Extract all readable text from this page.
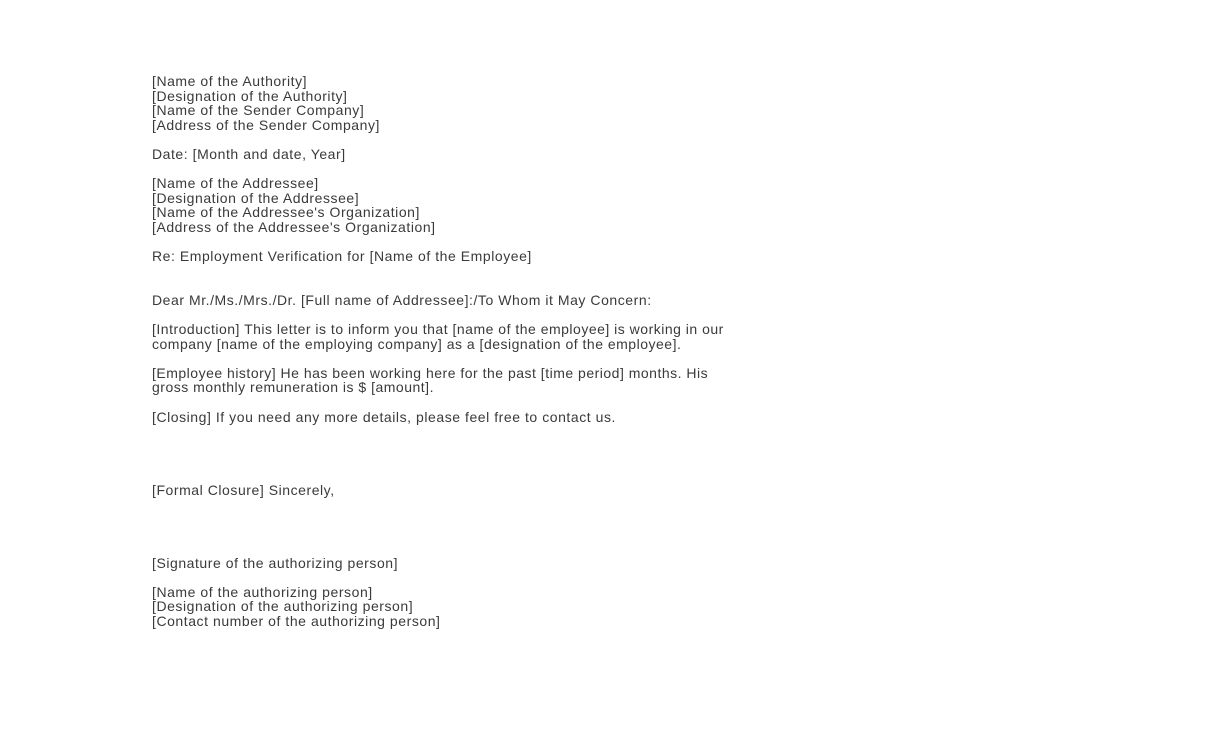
[Name of the Authority]

[Designation of the Authority]

[Name of the Sender Company]

[Address of the Sender Company]

Date: [Month and date, Year]

[Name of the Addressee]

[Designation of the Addressee]

[Name of the Addressee's Organization]

[Address of the Addressee's Organization]

Re: Employment Verification for [Name of the Employee]

Dear Mr./Ms./Mrs./Dr. [Full name of Addressee]:/To Whom it May Concern:

[Introduction] This letter is to inform you that [name of the employee] is working in our

company [name of the employing company] as a [designation of the employee].

[Employee history] He has been working here for the past [time period] months. His

gross monthly remuneration is $ [amount].

[Closing] If you need any more details, please feel free to contact us.

[Formal Closure] Sincerely,

[Signature of the authorizing person]

[Name of the authorizing person]

[Designation of the authorizing person]

[Contact number of the authorizing person]
